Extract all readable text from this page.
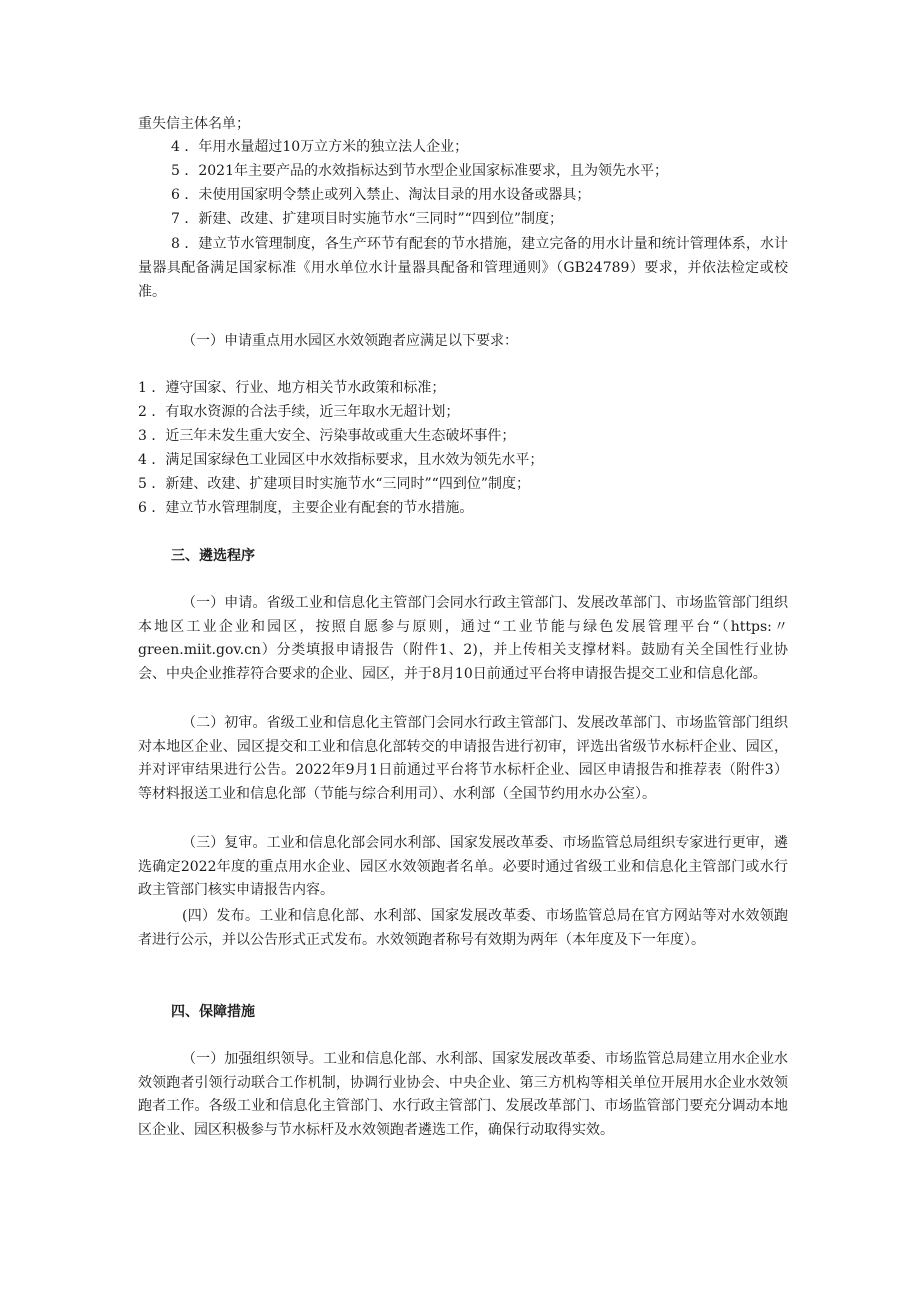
重失信主体名单；
4 ．年用水量超过10万立方米的独立法人企业；
5 ．2021年主要产品的水效指标达到节水型企业国家标准要求，且为领先水平；
6 ．未使用国家明令禁止或列入禁止、淘汰目录的用水设备或器具；
7 ．新建、改建、扩建项目时实施节水“三同时”“四到位”制度；
8 ．建立节水管理制度，各生产环节有配套的节水措施，建立完备的用水计量和统计管理体系，水计量器具配备满足国家标准《用水单位水计量器具配备和管理通则》（GB24789）要求，并依法检定或校准。
（一）申请重点用水园区水效领跑者应满足以下要求：
1 ．遵守国家、行业、地方相关节水政策和标准；
2 ．有取水资源的合法手续，近三年取水无超计划；
3 ．近三年未发生重大安全、污染事故或重大生态破坏事件；
4 ．满足国家绿色工业园区中水效指标要求，且水效为领先水平；
5 ．新建、改建、扩建项目时实施节水“三同时”“四到位”制度；
6 ．建立节水管理制度，主要企业有配套的节水措施。
三、遴选程序
（一）申请。省级工业和信息化主管部门会同水行政主管部门、发展改革部门、市场监管部门组织本地区工业企业和园区，按照自愿参与原则，通过“工业节能与绿色发展管理平台“（https:〃green.miit.gov.cn）分类填报申请报告（附件1、2)，并上传相关支撑材料。鼓励有关全国性行业协会、中央企业推荐符合要求的企业、园区，并于8月10日前通过平台将申请报告提交工业和信息化部。
（二）初审。省级工业和信息化主管部门会同水行政主管部门、发展改革部门、市场监管部门组织对本地区企业、园区提交和工业和信息化部转交的申请报告进行初审，评选出省级节水标杆企业、园区，并对评审结果进行公告。2022年9月1日前通过平台将节水标杆企业、园区申请报告和推荐表（附件3）等材料报送工业和信息化部（节能与综合利用司）、水利部（全国节约用水办公室）。
（三）复审。工业和信息化部会同水利部、国家发展改革委、市场监管总局组织专家进行更审，遴选确定2022年度的重点用水企业、园区水效领跑者名单。必要时通过省级工业和信息化主管部门或水行政主管部门核实申请报告内容。
(四）发布。工业和信息化部、水利部、国家发展改革委、市场监管总局在官方网站等对水效领跑者进行公示，并以公告形式正式发布。水效领跑者称号有效期为两年（本年度及下一年度）。
四、保障措施
（一）加强组织领导。工业和信息化部、水利部、国家发展改革委、市场监管总局建立用水企业水效领跑者引领行动联合工作机制，协调行业协会、中央企业、第三方机构等相关单位开展用水企业水效领跑者工作。各级工业和信息化主管部门、水行政主管部门、发展改革部门、市场监管部门要充分调动本地区企业、园区积极参与节水标杆及水效领跑者遴选工作，确保行动取得实效。
